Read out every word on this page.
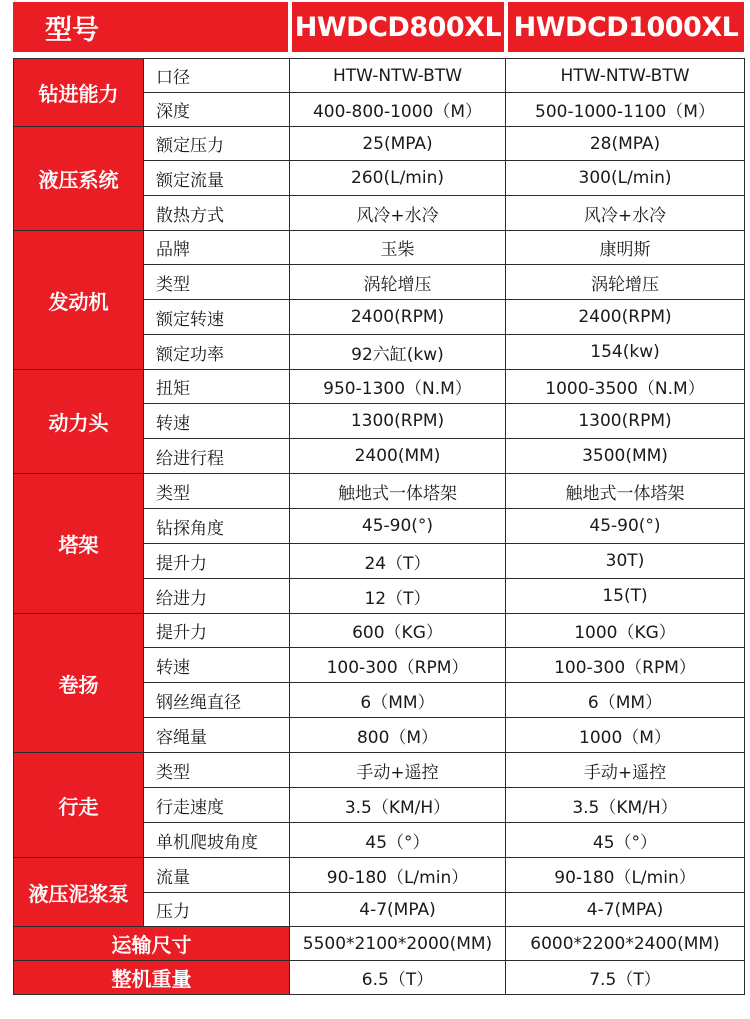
型号	HWDCD800XL HWDCD1000XL
钻进能力	口径	HTW-NTW-BTW	HTW-NTW-BTW
	深度	400-800-1000（M）	500-1000-1100（M）
液压系统	额定压力	25(MPA)	28(MPA)
	额定流量	260(L/min)	300(L/min)
	散热方式	风冷+水冷	风冷+水冷
发动机	品牌	玉柴	康明斯
	类型	涡轮增压	涡轮增压
	额定转速	2400(RPM)	2400(RPM)
	额定功率	92六缸(kw)	154(kw)
动力头	扭矩	950-1300（N.M）	1000-3500（N.M）
	转速	1300(RPM)	1300(RPM)
	给进行程	2400(MM)	3500(MM)
塔架	类型	触地式一体塔架	触地式一体塔架
	钻探角度	45-90(°)	45-90(°)
	提升力	24（T）	30T)
	给进力	12（T）	15(T)
卷扬	提升力	600（KG）	1000（KG）
	转速	100-300（RPM）	100-300（RPM）
	钢丝绳直径	6（MM）	6（MM）
	容绳量	800（M）	1000（M）
行走	类型	手动+遥控	手动+遥控
	行走速度	3.5（KM/H）	3.5（KM/H）
	单机爬坡角度	45（°）	45（°）
液压泥浆泵	流量	90-180（L/min）	90-180（L/min）
	压力	4-7(MPA)	4-7(MPA)
运输尺寸		5500*2100*2000(MM)	6000*2200*2400(MM)
整机重量		6.5（T）	7.5（T）
